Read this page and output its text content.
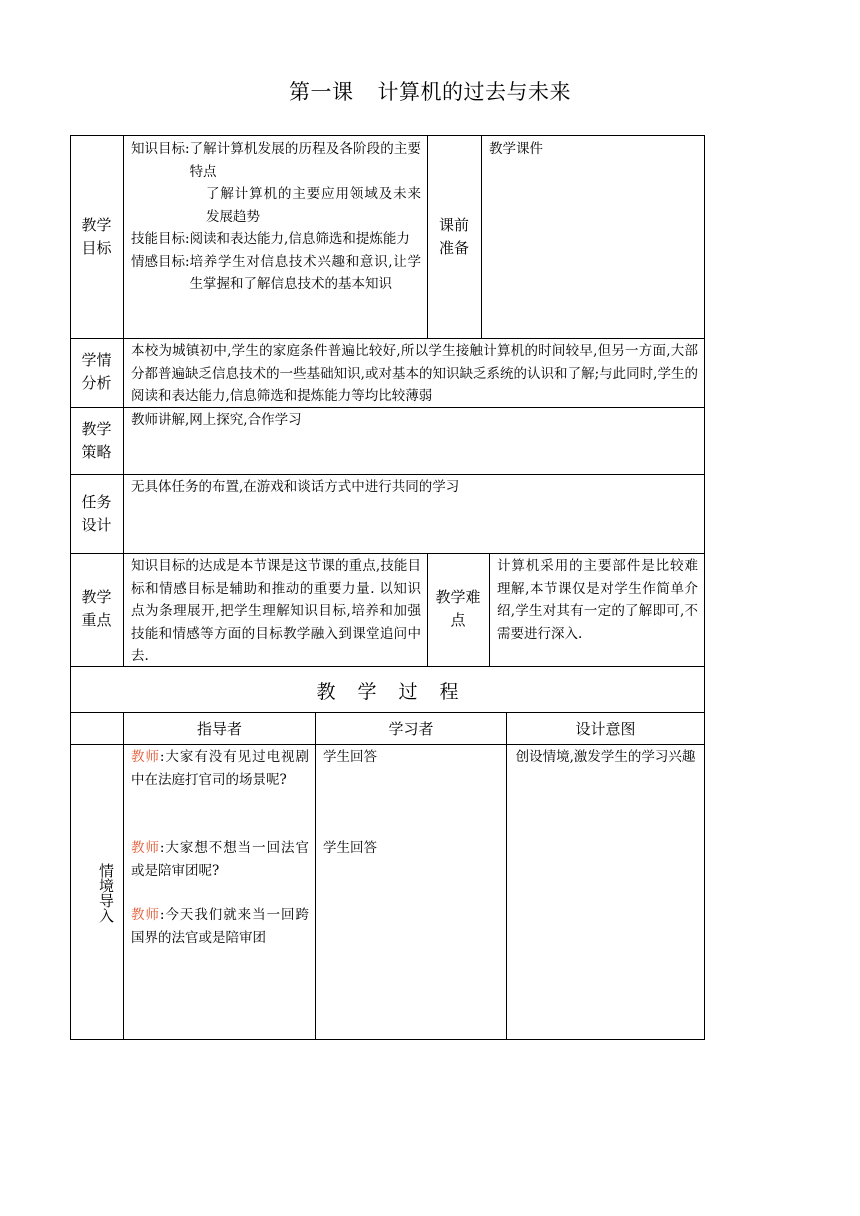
第一课 计算机的过去与未来
教学目标
知识目标: 了解计算机发展的历程及各阶段的主要特点
了解计算机的主要应用领域及未来发展趋势
技能目标: 阅读和表达能力,信息筛选和提炼能力
情感目标: 培养学生对信息技术兴趣和意识,让学生掌握和了解信息技术的基本知识
课前准备
教学课件
学情分析
本校为城镇初中,学生的家庭条件普遍比较好,所以学生接触计算机的时间较早,但另一方面,大部分都普遍缺乏信息技术的一些基础知识,或对基本的知识缺乏系统的认识和了解;与此同时,学生的阅读和表达能力,信息筛选和提炼能力等均比较薄弱
教学策略
教师讲解,网上探究,合作学习
任务设计
无具体任务的布置,在游戏和谈话方式中进行共同的学习
教学重点
知识目标的达成是本节课是这节课的重点,技能目标和情感目标是辅助和推动的重要力量. 以知识点为条理展开,把学生理解知识目标,培养和加强技能和情感等方面的目标教学融入到课堂追问中去.
教学难点
计算机采用的主要部件是比较难理解,本节课仅是对学生作简单介绍,学生对其有一定的了解即可,不需要进行深入.
教学过程
指导者	学习者	设计意图
情境导入
教师:大家有没有见过电视剧中在法庭打官司的场景呢?
教师:大家想不想当一回法官或是陪审团呢?
教师:今天我们就来当一回跨国界的法官或是陪审团
学生回答
学生回答
创设情境,激发学生的学习兴趣
